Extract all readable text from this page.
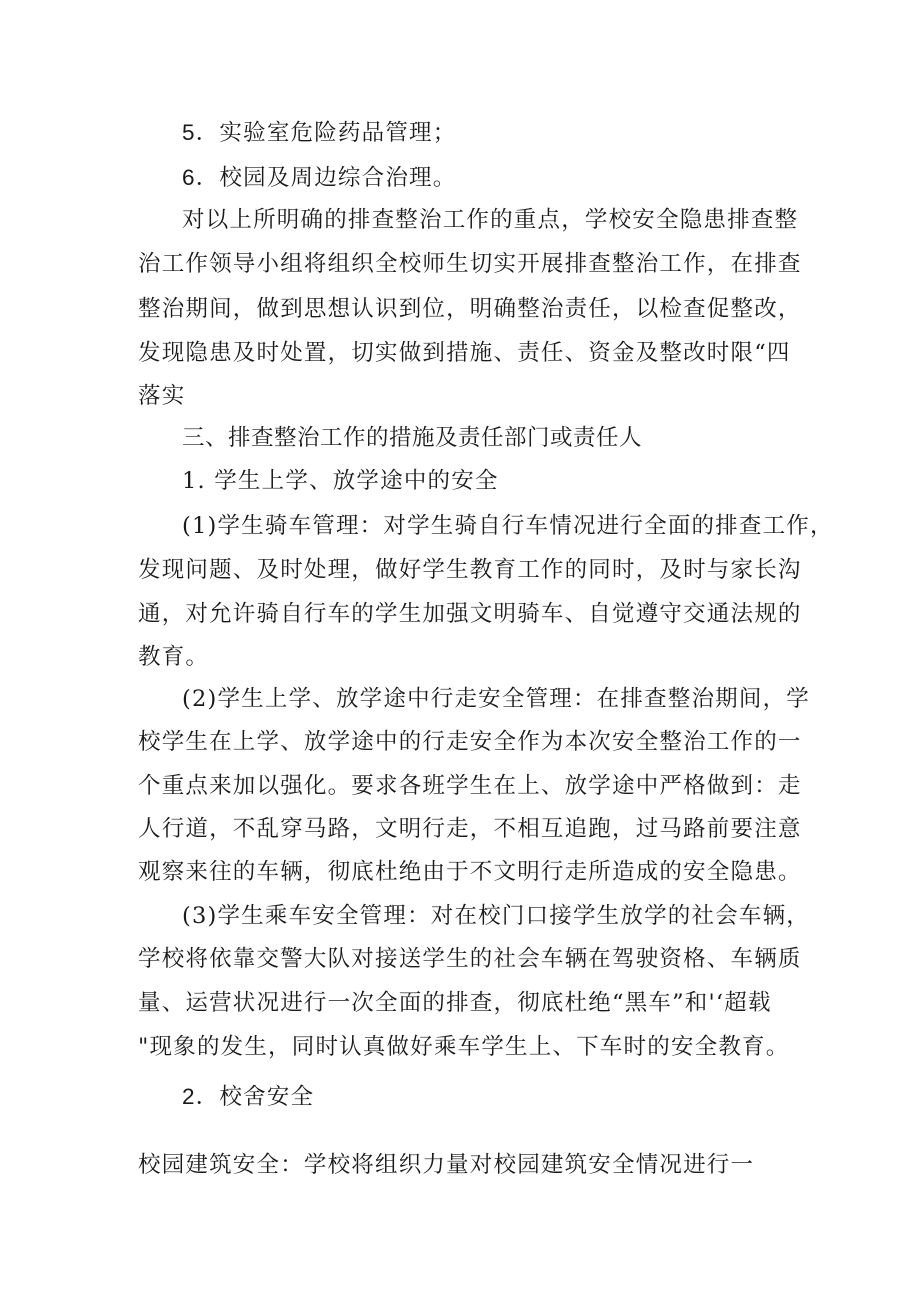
5．实验室危险药品管理；
6．校园及周边综合治理。
对以上所明确的排查整治工作的重点，学校安全隐患排查整
治工作领导小组将组织全校师生切实开展排查整治工作，在排查
整治期间，做到思想认识到位，明确整治责任，以检查促整改，
发现隐患及时处置，切实做到措施、责任、资金及整改时限“四
落实
三、排查整治工作的措施及责任部门或责任人
1. 学生上学、放学途中的安全
(1)学生骑车管理：对学生骑自行车情况进行全面的排查工作，
发现问题、及时处理，做好学生教育工作的同时，及时与家长沟
通，对允许骑自行车的学生加强文明骑车、自觉遵守交通法规的
教育。
(2)学生上学、放学途中行走安全管理：在排查整治期间，学
校学生在上学、放学途中的行走安全作为本次安全整治工作的一
个重点来加以强化。要求各班学生在上、放学途中严格做到：走
人行道，不乱穿马路，文明行走，不相互追跑，过马路前要注意
观察来往的车辆，彻底杜绝由于不文明行走所造成的安全隐患。
(3)学生乘车安全管理：对在校门口接学生放学的社会车辆，
学校将依靠交警大队对接送学生的社会车辆在驾驶资格、车辆质
量、运营状况进行一次全面的排查，彻底杜绝“黑车”和'‘超载
"现象的发生，同时认真做好乘车学生上、下车时的安全教育。
2．校舍安全
校园建筑安全：学校将组织力量对校园建筑安全情况进行一
